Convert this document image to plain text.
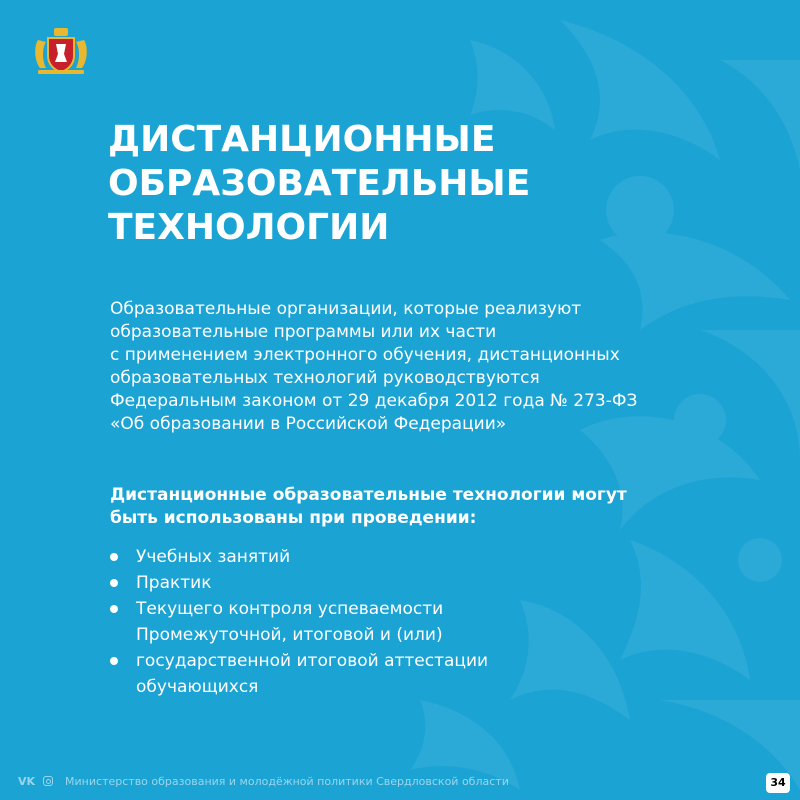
ДИСТАНЦИОННЫЕ
ОБРАЗОВАТЕЛЬНЫЕ
ТЕХНОЛОГИИ

Образовательные организации, которые реализуют
образовательные программы или их части
с применением электронного обучения, дистанционных
образовательных технологий руководствуются
Федеральным законом от 29 декабря 2012 года № 273-ФЗ
«Об образовании в Российской Федерации»

Дистанционные образовательные технологии могут
быть использованы при проведении:

Учебных занятий
Практик
Текущего контроля успеваемости
Промежуточной, итоговой и (или)
государственной итоговой аттестации
обучающихся
VK	Министерство образования и молодёжной политики Свердловской области	34
